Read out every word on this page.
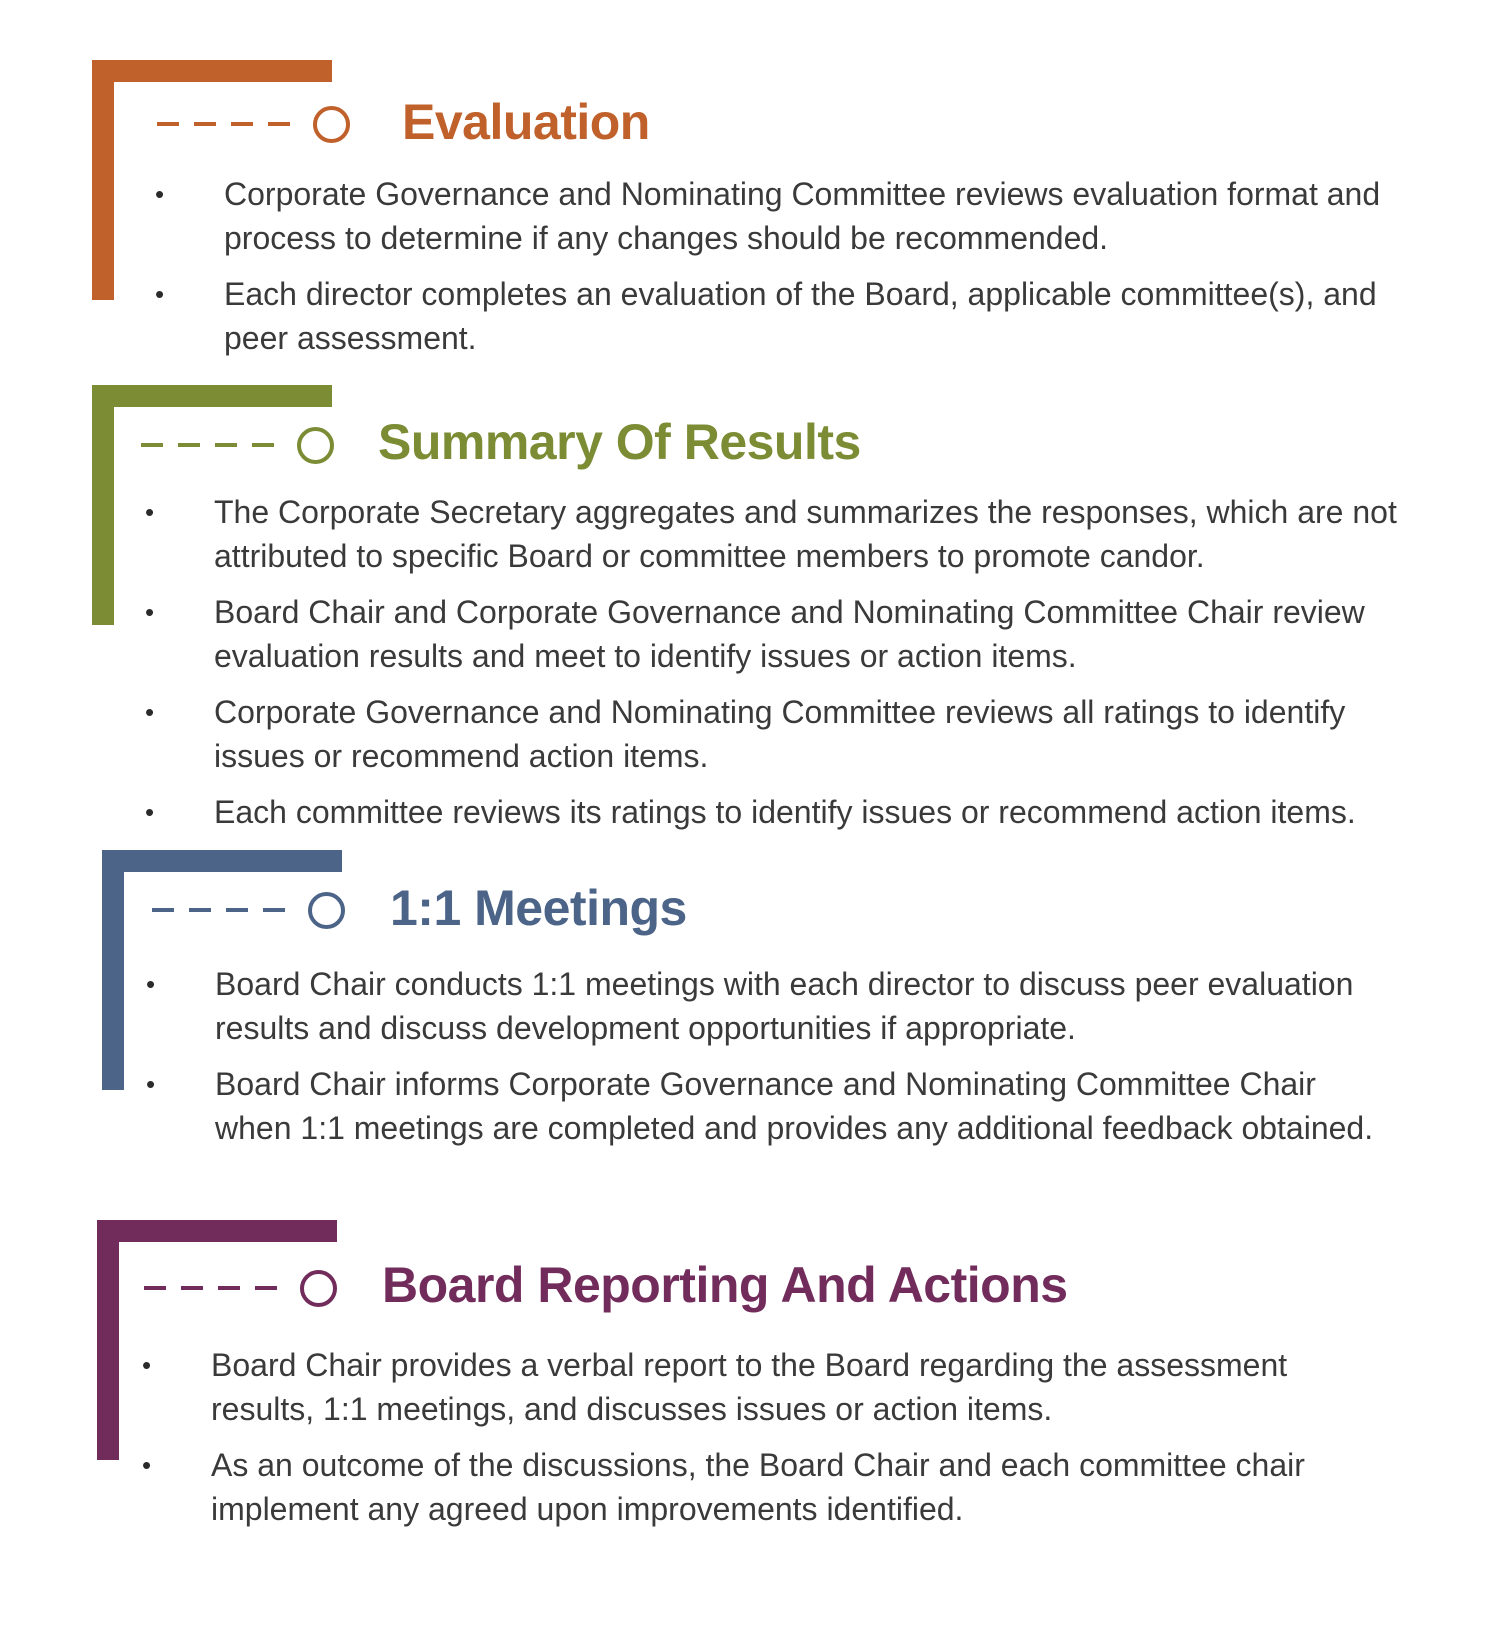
Evaluation
• Corporate Governance and Nominating Committee reviews evaluation format and process to determine if any changes should be recommended.
• Each director completes an evaluation of the Board, applicable committee(s), and peer assessment.
Summary Of Results
• The Corporate Secretary aggregates and summarizes the responses, which are not attributed to specific Board or committee members to promote candor.
• Board Chair and Corporate Governance and Nominating Committee Chair review evaluation results and meet to identify issues or action items.
• Corporate Governance and Nominating Committee reviews all ratings to identify issues or recommend action items.
• Each committee reviews its ratings to identify issues or recommend action items.
1:1 Meetings
• Board Chair conducts 1:1 meetings with each director to discuss peer evaluation results and discuss development opportunities if appropriate.
• Board Chair informs Corporate Governance and Nominating Committee Chair when 1:1 meetings are completed and provides any additional feedback obtained.
Board Reporting And Actions
• Board Chair provides a verbal report to the Board regarding the assessment results, 1:1 meetings, and discusses issues or action items.
• As an outcome of the discussions, the Board Chair and each committee chair implement any agreed upon improvements identified.
